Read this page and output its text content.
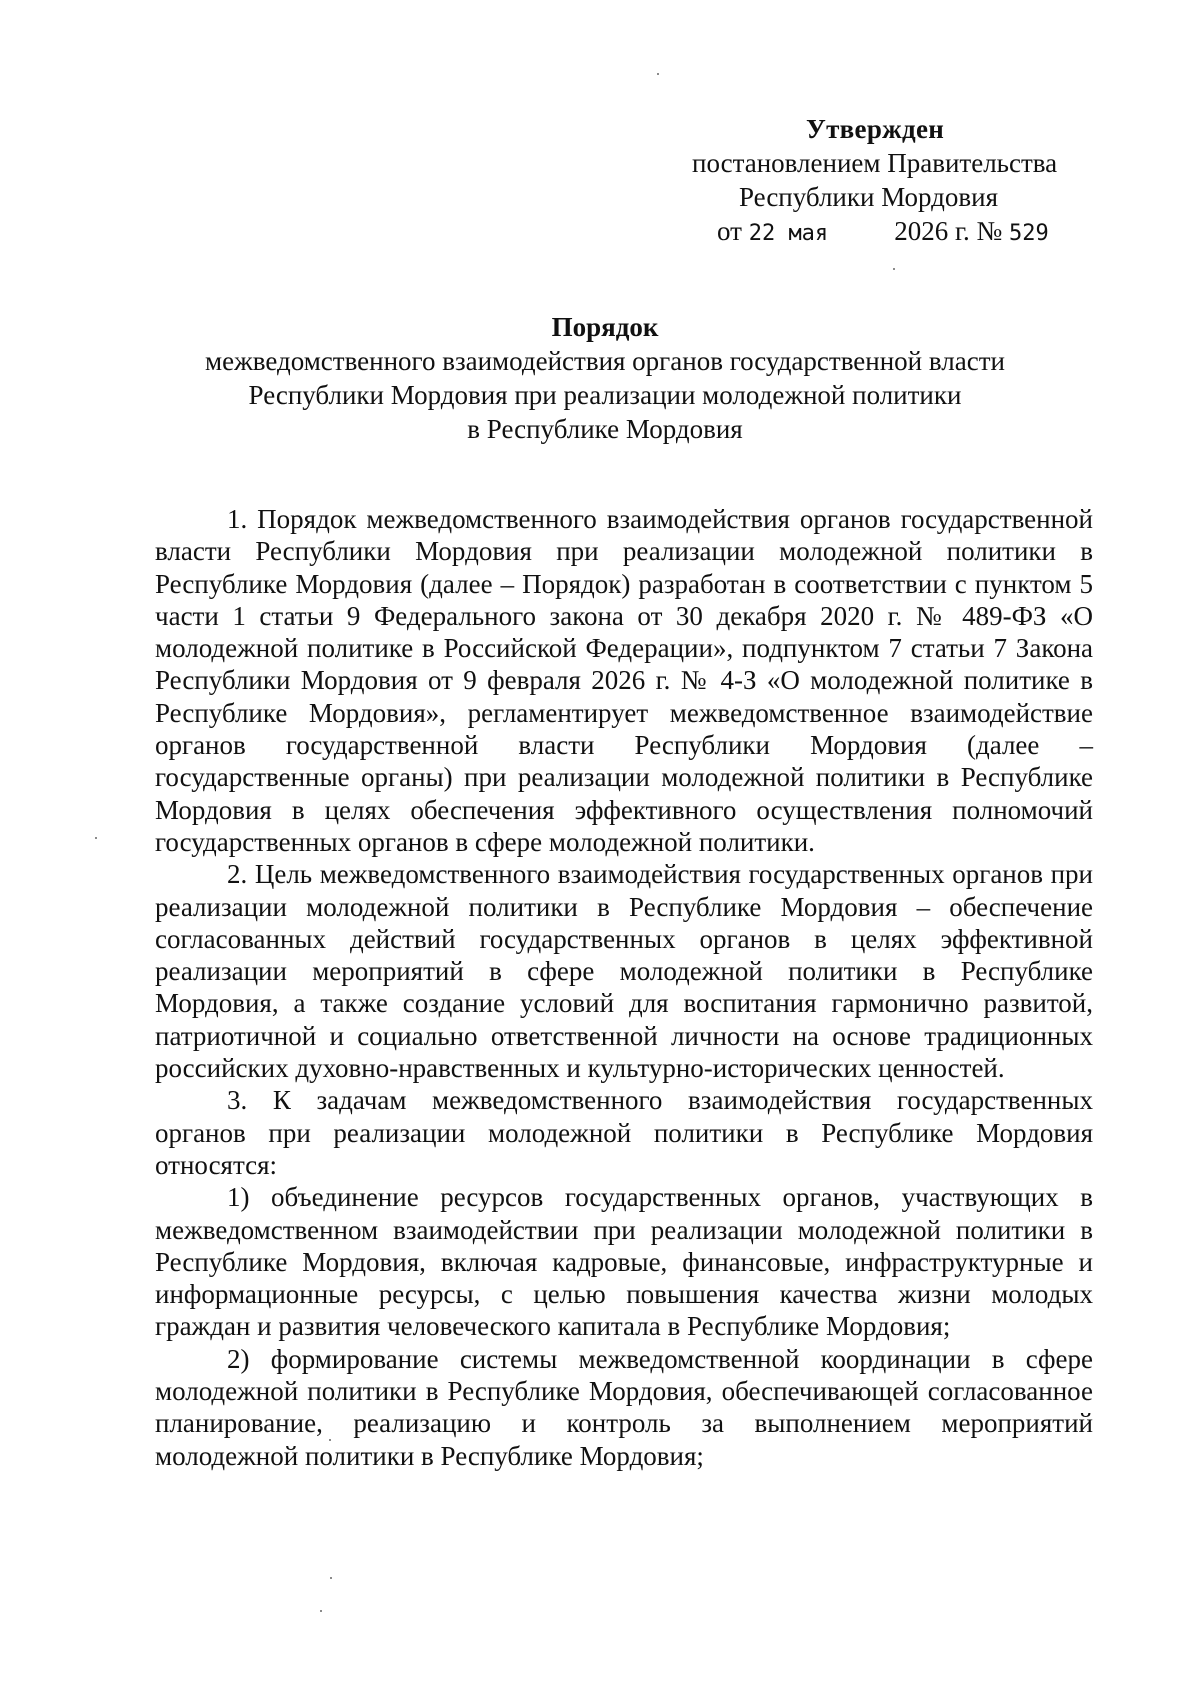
Утвержден
постановлением Правительства
Республики Мордовия
от 22 мая 2026 г. № 529
Порядок
межведомственного взаимодействия органов государственной власти
Республики Мордовия при реализации молодежной политики
в Республике Мордовия

1. Порядок межведомственного взаимодействия органов государственной власти Республики Мордовия при реализации молодежной политики в Республике Мордовия (далее – Порядок) разработан в соответствии с пунктом 5 части 1 статьи 9 Федерального закона от 30 декабря 2020 г. № 489-ФЗ «О молодежной политике в Российской Федерации», подпунктом 7 статьи 7 Закона Республики Мордовия от 9 февраля 2026 г. № 4-З «О молодежной политике в Республике Мордовия», регламентирует межведомственное взаимодействие органов государственной власти Республики Мордовия (далее – государственные органы) при реализации молодежной политики в Республике Мордовия в целях обеспечения эффективного осуществления полномочий государственных органов в сфере молодежной политики.

2. Цель межведомственного взаимодействия государственных органов при реализации молодежной политики в Республике Мордовия – обеспечение согласованных действий государственных органов в целях эффективной реализации мероприятий в сфере молодежной политики в Республике Мордовия, а также создание условий для воспитания гармонично развитой, патриотичной и социально ответственной личности на основе традиционных российских духовно-нравственных и культурно-исторических ценностей.

3. К задачам межведомственного взаимодействия государственных органов при реализации молодежной политики в Республике Мордовия относятся:

1) объединение ресурсов государственных органов, участвующих в межведомственном взаимодействии при реализации молодежной политики в Республике Мордовия, включая кадровые, финансовые, инфраструктурные и информационные ресурсы, с целью повышения качества жизни молодых граждан и развития человеческого капитала в Республике Мордовия;

2) формирование системы межведомственной координации в сфере молодежной политики в Республике Мордовия, обеспечивающей согласованное планирование, реализацию и контроль за выполнением мероприятий молодежной политики в Республике Мордовия;
